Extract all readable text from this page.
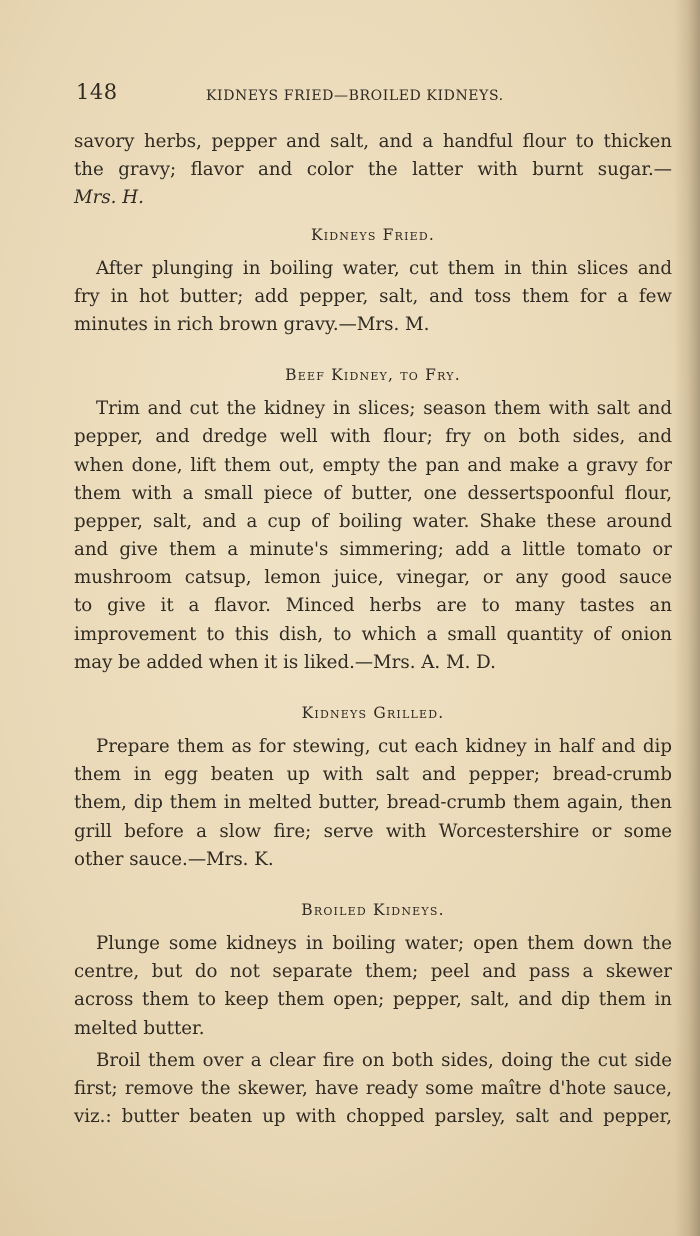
148	KIDNEYS FRIED—BROILED KIDNEYS.
savory herbs, pepper and salt, and a handful flour to thicken
the gravy; flavor and color the latter with burnt sugar.—
Mrs. H.
Kidneys Fried.
After plunging in boiling water, cut them in thin slices and
fry in hot butter; add pepper, salt, and toss them for a few
minutes in rich brown gravy.—Mrs. M.
Beef Kidney, to Fry.
Trim and cut the kidney in slices; season them with salt and
pepper, and dredge well with flour; fry on both sides, and
when done, lift them out, empty the pan and make a gravy for
them with a small piece of butter, one dessertspoonful flour,
pepper, salt, and a cup of boiling water. Shake these around
and give them a minute's simmering; add a little tomato or
mushroom catsup, lemon juice, vinegar, or any good sauce
to give it a flavor. Minced herbs are to many tastes an
improvement to this dish, to which a small quantity of onion
may be added when it is liked.—Mrs. A. M. D.
Kidneys Grilled.
Prepare them as for stewing, cut each kidney in half and dip
them in egg beaten up with salt and pepper; bread-crumb
them, dip them in melted butter, bread-crumb them again, then
grill before a slow fire; serve with Worcestershire or some
other sauce.—Mrs. K.
Broiled Kidneys.
Plunge some kidneys in boiling water; open them down the
centre, but do not separate them; peel and pass a skewer
across them to keep them open; pepper, salt, and dip them in
melted butter.
Broil them over a clear fire on both sides, doing the cut side
first; remove the skewer, have ready some maître d'hote sauce,
viz.: butter beaten up with chopped parsley, salt and pepper,
